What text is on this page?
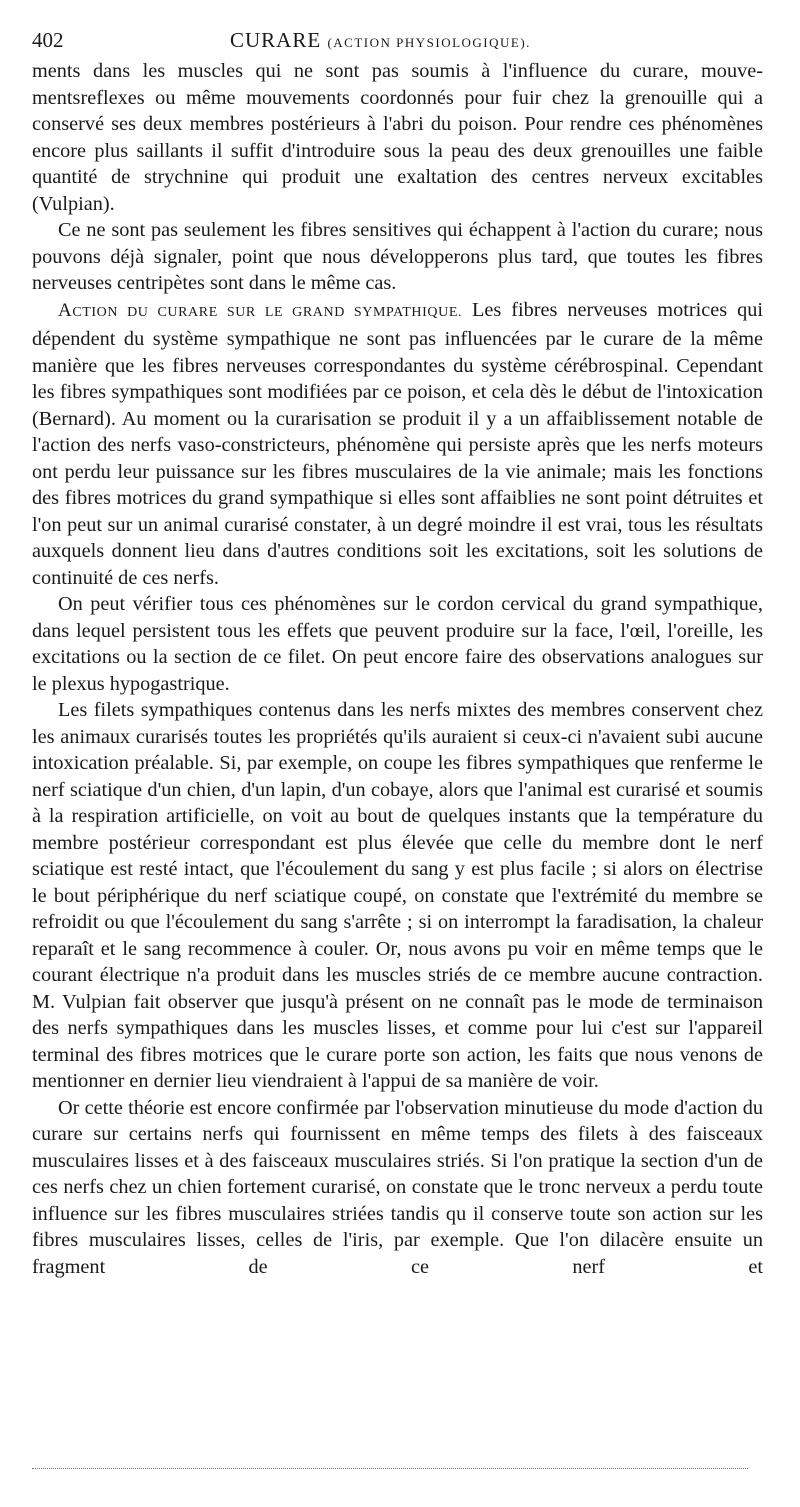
402	CURARE (ACTION PHYSIOLOGIQUE).

ments dans les muscles qui ne sont pas soumis à l'influence du curare, mouvementsreflexes ou même mouvements coordonnés pour fuir chez la grenouille qui a conservé ses deux membres postérieurs à l'abri du poison. Pour rendre ces phénomènes encore plus saillants il suffit d'introduire sous la peau des deux grenouilles une faible quantité de strychnine qui produit une exaltation des centres nerveux excitables (Vulpian).

Ce ne sont pas seulement les fibres sensitives qui échappent à l'action du curare; nous pouvons déjà signaler, point que nous développerons plus tard, que toutes les fibres nerveuses centripètes sont dans le même cas.

ACTION DU CURARE SUR LE GRAND SYMPATHIQUE. Les fibres nerveuses motrices qui dépendent du système sympathique ne sont pas influencées par le curare de la même manière que les fibres nerveuses correspondantes du système cérébrospinal. Cependant les fibres sympathiques sont modifiées par ce poison, et cela dès le début de l'intoxication (Bernard). Au moment ou la curarisation se produit il y a un affaiblissement notable de l'action des nerfs vaso-constricteurs, phénomène qui persiste après que les nerfs moteurs ont perdu leur puissance sur les fibres musculaires de la vie animale; mais les fonctions des fibres motrices du grand sympathique si elles sont affaiblies ne sont point détruites et l'on peut sur un animal curarisé constater, à un degré moindre il est vrai, tous les résultats auxquels donnent lieu dans d'autres conditions soit les excitations, soit les solutions de continuité de ces nerfs.

On peut vérifier tous ces phénomènes sur le cordon cervical du grand sympathique, dans lequel persistent tous les effets que peuvent produire sur la face, l'œil, l'oreille, les excitations ou la section de ce filet. On peut encore faire des observations analogues sur le plexus hypogastrique.

Les filets sympathiques contenus dans les nerfs mixtes des membres conservent chez les animaux curarisés toutes les propriétés qu'ils auraient si ceux-ci n'avaient subi aucune intoxication préalable. Si, par exemple, on coupe les fibres sympathiques que renferme le nerf sciatique d'un chien, d'un lapin, d'un cobaye, alors que l'animal est curarisé et soumis à la respiration artificielle, on voit au bout de quelques instants que la température du membre postérieur correspondant est plus élevée que celle du membre dont le nerf sciatique est resté intact, que l'écoulement du sang y est plus facile ; si alors on électrise le bout périphérique du nerf sciatique coupé, on constate que l'extrémité du membre se refroidit ou que l'écoulement du sang s'arrête ; si on interrompt la faradisation, la chaleur reparaît et le sang recommence à couler. Or, nous avons pu voir en même temps que le courant électrique n'a produit dans les muscles striés de ce membre aucune contraction. M. Vulpian fait observer que jusqu'à présent on ne connaît pas le mode de terminaison des nerfs sympathiques dans les muscles lisses, et comme pour lui c'est sur l'appareil terminal des fibres motrices que le curare porte son action, les faits que nous venons de mentionner en dernier lieu viendraient à l'appui de sa manière de voir.

Or cette théorie est encore confirmée par l'observation minutieuse du mode d'action du curare sur certains nerfs qui fournissent en même temps des filets à des faisceaux musculaires lisses et à des faisceaux musculaires striés. Si l'on pratique la section d'un de ces nerfs chez un chien fortement curarisé, on constate que le tronc nerveux a perdu toute influence sur les fibres musculaires striées tandis qu il conserve toute son action sur les fibres musculaires lisses, celles de l'iris, par exemple. Que l'on dilacère ensuite un fragment de ce nerf et
